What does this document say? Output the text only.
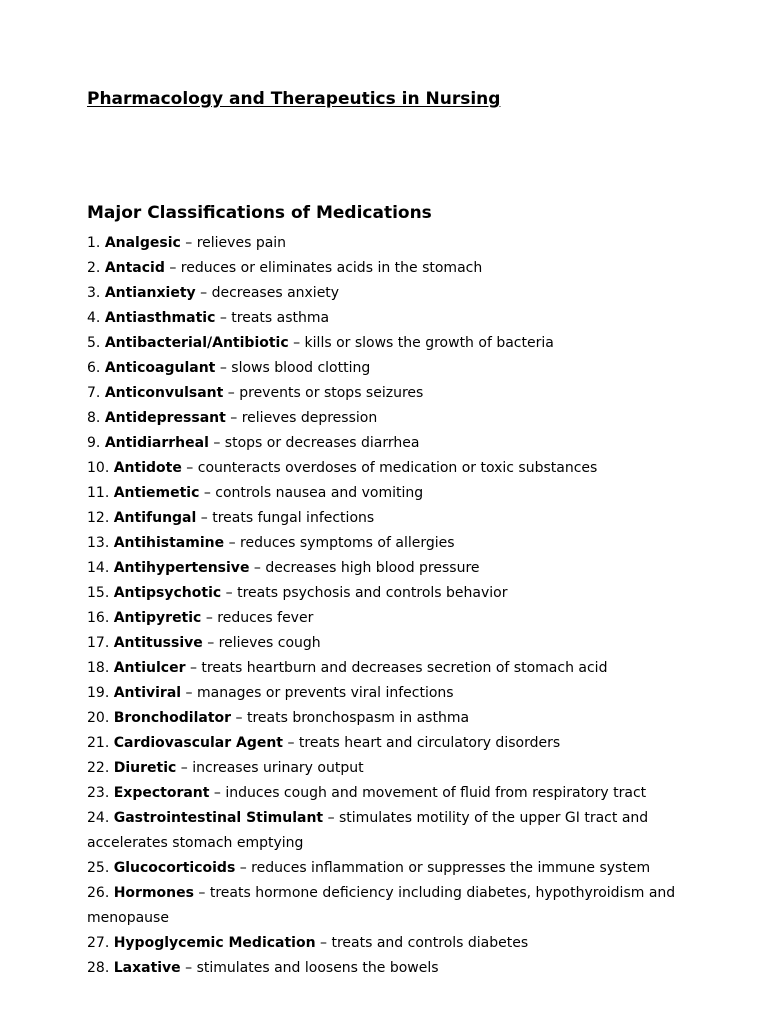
Pharmacology and Therapeutics in Nursing
Major Classifications of Medications
1. Analgesic – relieves pain
2. Antacid – reduces or eliminates acids in the stomach
3. Antianxiety – decreases anxiety
4. Antiasthmatic – treats asthma
5. Antibacterial/Antibiotic – kills or slows the growth of bacteria
6. Anticoagulant – slows blood clotting
7. Anticonvulsant – prevents or stops seizures
8. Antidepressant – relieves depression
9. Antidiarrheal – stops or decreases diarrhea
10. Antidote – counteracts overdoses of medication or toxic substances
11. Antiemetic – controls nausea and vomiting
12. Antifungal – treats fungal infections
13. Antihistamine – reduces symptoms of allergies
14. Antihypertensive – decreases high blood pressure
15. Antipsychotic – treats psychosis and controls behavior
16. Antipyretic – reduces fever
17. Antitussive – relieves cough
18. Antiulcer – treats heartburn and decreases secretion of stomach acid
19. Antiviral – manages or prevents viral infections
20. Bronchodilator – treats bronchospasm in asthma
21. Cardiovascular Agent – treats heart and circulatory disorders
22. Diuretic – increases urinary output
23. Expectorant – induces cough and movement of fluid from respiratory tract
24. Gastrointestinal Stimulant – stimulates motility of the upper GI tract and accelerates stomach emptying
25. Glucocorticoids – reduces inflammation or suppresses the immune system
26. Hormones – treats hormone deficiency including diabetes, hypothyroidism and menopause
27. Hypoglycemic Medication – treats and controls diabetes
28. Laxative – stimulates and loosens the bowels
